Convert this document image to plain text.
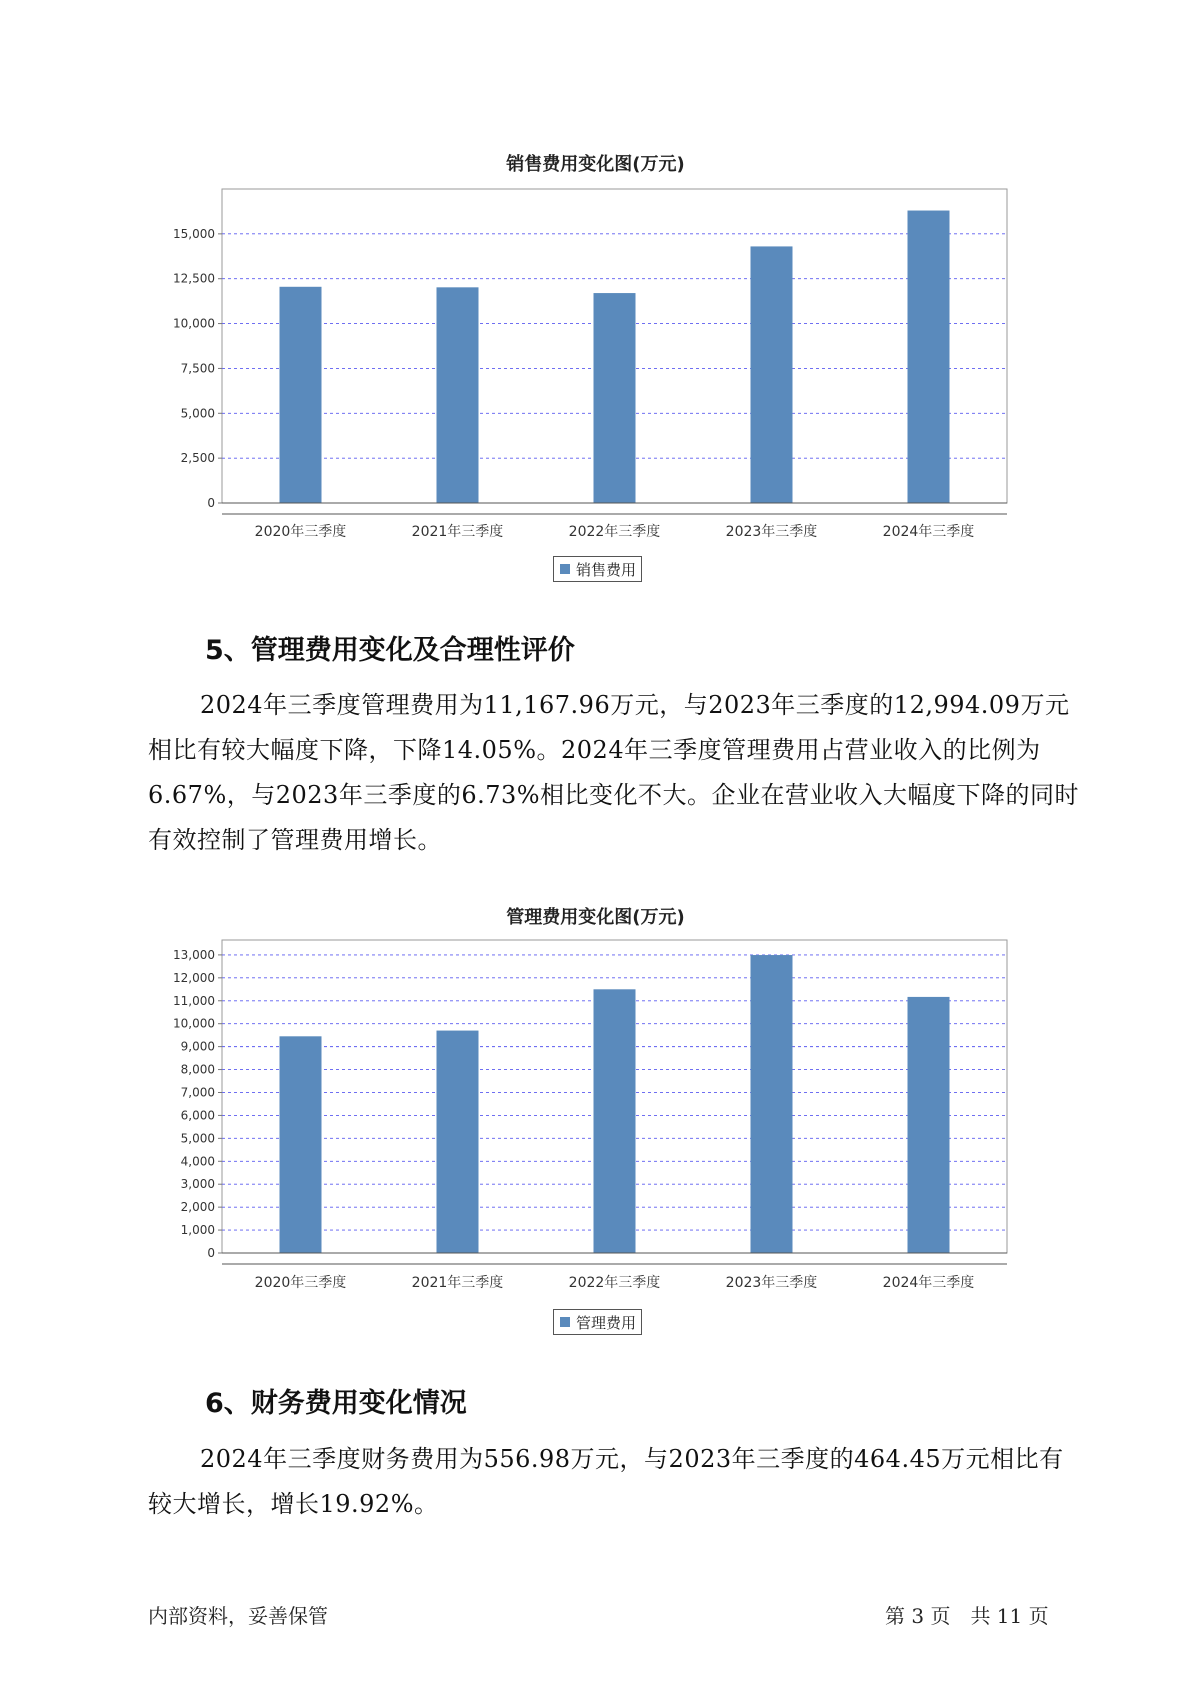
销售费用变化图(万元)
0
2,500
5,000
7,500
10,000
12,500
15,000
2020年三季度	2021年三季度	2022年三季度	2023年三季度	2024年三季度
销售费用
5、管理费用变化及合理性评价

2024年三季度管理费用为11,167.96万元，与2023年三季度的12,994.09万元相比有较大幅度下降，下降14.05%。2024年三季度管理费用占营业收入的比例为6.67%，与2023年三季度的6.73%相比变化不大。企业在营业收入大幅度下降的同时有效控制了管理费用增长。

管理费用变化图(万元)
0
1,000
2,000
3,000
4,000
5,000
6,000
7,000
8,000
9,000
10,000
11,000
12,000
13,000
2020年三季度	2021年三季度	2022年三季度	2023年三季度	2024年三季度
管理费用
6、财务费用变化情况

2024年三季度财务费用为556.98万元，与2023年三季度的464.45万元相比有较大增长，增长19.92%。

内部资料，妥善保管	第 3 页　共 11 页
